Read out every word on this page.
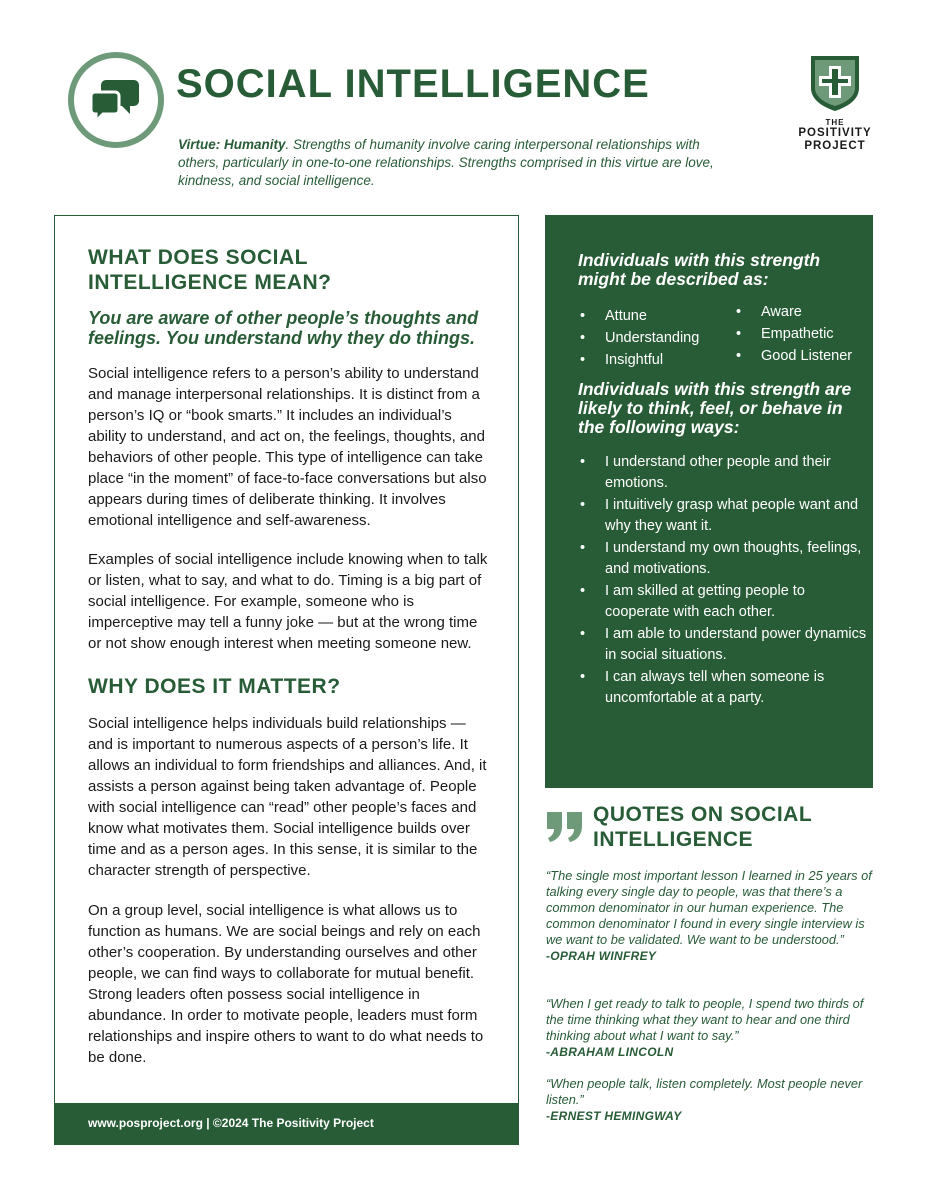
SOCIAL INTELLIGENCE
Virtue: Humanity. Strengths of humanity involve caring interpersonal relationships with others, particularly in one-to-one relationships. Strengths comprised in this virtue are love, kindness, and social intelligence.
THE
POSITIVITY
PROJECT
WHAT DOES SOCIAL INTELLIGENCE MEAN?
You are aware of other people’s thoughts and feelings. You understand why they do things.
Social intelligence refers to a person’s ability to understand and manage interpersonal relationships. It is distinct from a person’s IQ or “book smarts.” It includes an individual’s ability to understand, and act on, the feelings, thoughts, and behaviors of other people. This type of intelligence can take place “in the moment” of face-to-face conversations but also appears during times of deliberate thinking. It involves emotional intelligence and self-awareness.
Examples of social intelligence include knowing when to talk or listen, what to say, and what to do. Timing is a big part of social intelligence. For example, someone who is imperceptive may tell a funny joke — but at the wrong time or not show enough interest when meeting someone new.
WHY DOES IT MATTER?
Social intelligence helps individuals build relationships — and is important to numerous aspects of a person’s life. It allows an individual to form friendships and alliances. And, it assists a person against being taken advantage of. People with social intelligence can “read” other people’s faces and know what motivates them. Social intelligence builds over time and as a person ages. In this sense, it is similar to the character strength of perspective.
On a group level, social intelligence is what allows us to function as humans. We are social beings and rely on each other’s cooperation. By understanding ourselves and other people, we can find ways to collaborate for mutual benefit. Strong leaders often possess social intelligence in abundance. In order to motivate people, leaders must form relationships and inspire others to want to do what needs to be done.
www.posproject.org | ©2024 The Positivity Project
Individuals with this strength might be described as:
• Attune
• Understanding
• Insightful
• Aware
• Empathetic
• Good Listener
Individuals with this strength are likely to think, feel, or behave in the following ways:
• I understand other people and their emotions.
• I intuitively grasp what people want and why they want it.
• I understand my own thoughts, feelings, and motivations.
• I am skilled at getting people to cooperate with each other.
• I am able to understand power dynamics in social situations.
• I can always tell when someone is uncomfortable at a party.
QUOTES ON SOCIAL INTELLIGENCE
“The single most important lesson I learned in 25 years of talking every single day to people, was that there’s a common denominator in our human experience. The common denominator I found in every single interview is we want to be validated. We want to be understood.”
-OPRAH WINFREY
“When I get ready to talk to people, I spend two thirds of the time thinking what they want to hear and one third thinking about what I want to say.”
-ABRAHAM LINCOLN
“When people talk, listen completely. Most people never listen.”
-ERNEST HEMINGWAY
